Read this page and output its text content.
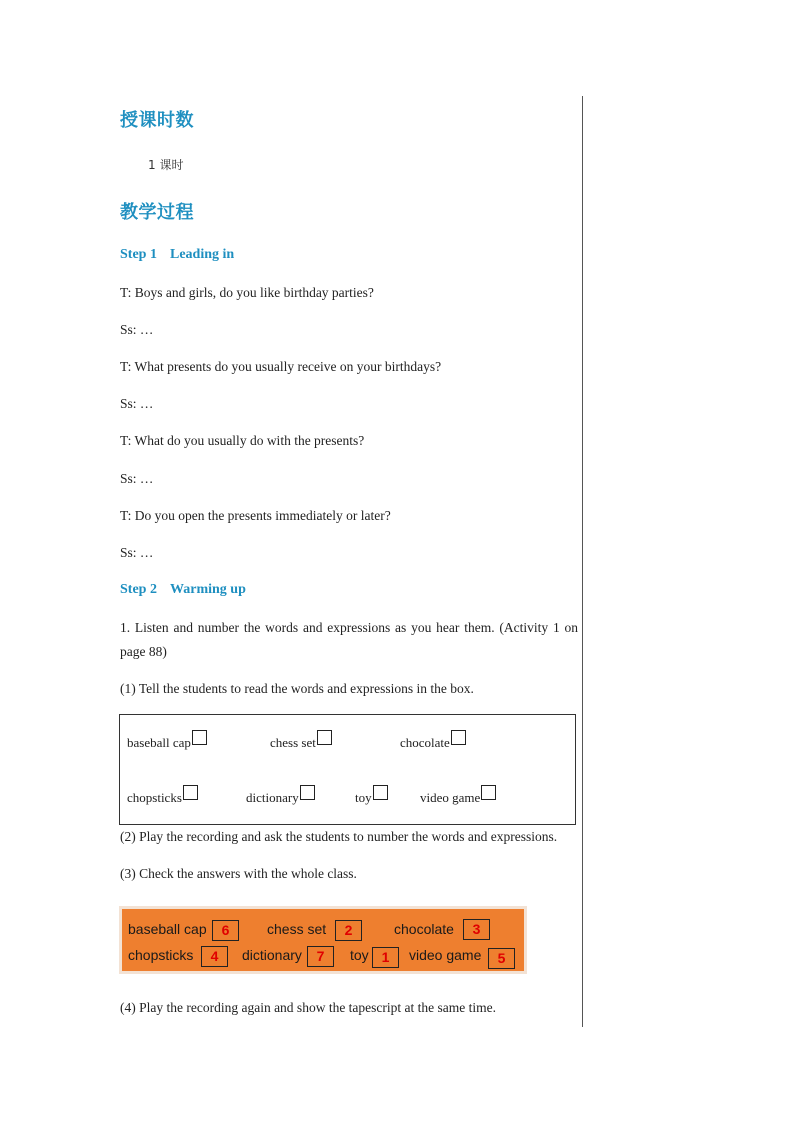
授课时数
1 课时
教学过程
Step 1 Leading in
T: Boys and girls, do you like birthday parties?
Ss: …
T: What presents do you usually receive on your birthdays?
Ss: …
T: What do you usually do with the presents?
Ss: …
T: Do you open the presents immediately or later?
Ss: …
Step 2 Warming up
1. Listen and number the words and expressions as you hear them. (Activity 1 on page 88)
(1) Tell the students to read the words and expressions in the box.
baseball cap	chess set	chocolate
chopsticks	dictionary	toy	video game
(2) Play the recording and ask the students to number the words and expressions.
(3) Check the answers with the whole class.
baseball cap	6	chess set	2	chocolate	3
chopsticks	4	dictionary	7	toy 1	video game	5
(4) Play the recording again and show the tapescript at the same time.
